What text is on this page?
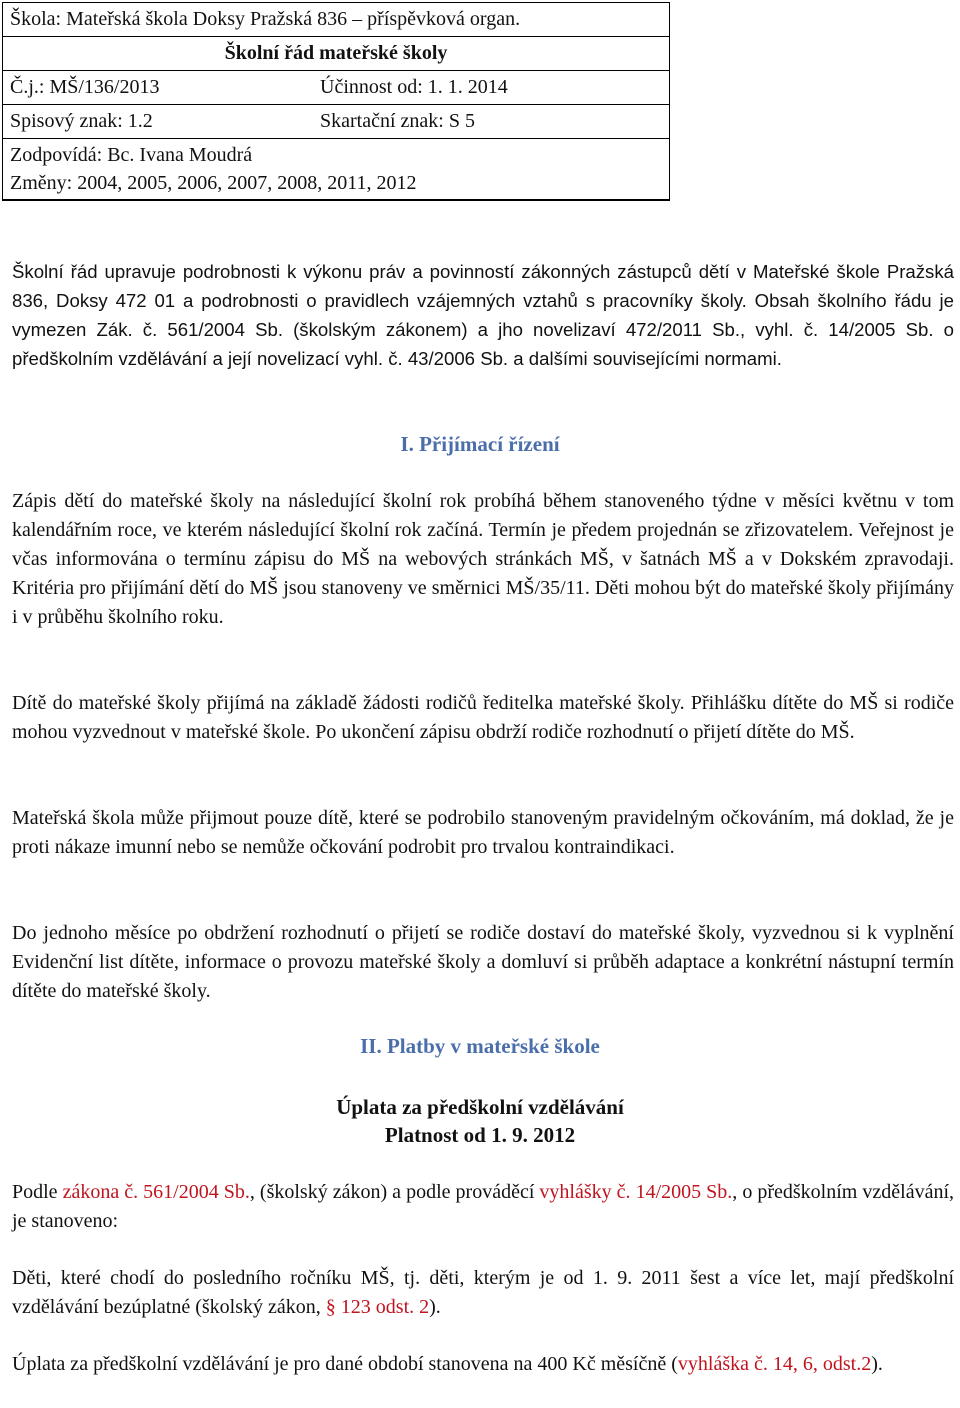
Škola: Mateřská škola Doksy Pražská 836 – příspěvková organ.
Školní řád mateřské školy
Č.j.: MŠ/136/2013	Účinnost od: 1. 1. 2014
Spisový znak: 1.2	Skartační znak: S 5
Zodpovídá: Bc. Ivana Moudrá
Změny: 2004, 2005, 2006, 2007, 2008, 2011, 2012
Školní řád upravuje podrobnosti k výkonu práv a povinností zákonných zástupců dětí v Mateřské škole Pražská 836, Doksy 472 01 a podrobnosti o pravidlech vzájemných vztahů s pracovníky školy. Obsah školního řádu je vymezen Zák. č. 561/2004 Sb. (školským zákonem) a jho novelizaví 472/2011 Sb., vyhl. č. 14/2005 Sb. o předškolním vzdělávání a její novelizací vyhl. č. 43/2006 Sb. a dalšími souvisejícími normami.
I. Přijímací řízení
Zápis dětí do mateřské školy na následující školní rok probíhá během stanoveného týdne v měsíci květnu v tom kalendářním roce, ve kterém následující školní rok začíná. Termín je předem projednán se zřizovatelem. Veřejnost je včas informována o termínu zápisu do MŠ na webových stránkách MŠ, v šatnách MŠ a v Dokském zpravodaji. Kritéria pro přijímání dětí do MŠ jsou stanoveny ve směrnici MŠ/35/11. Děti mohou být do mateřské školy přijímány i v průběhu školního roku.
Dítě do mateřské školy přijímá na základě žádosti rodičů ředitelka mateřské školy. Přihlášku dítěte do MŠ si rodiče mohou vyzvednout v mateřské škole. Po ukončení zápisu obdrží rodiče rozhodnutí o přijetí dítěte do MŠ.
Mateřská škola může přijmout pouze dítě, které se podrobilo stanoveným pravidelným očkováním, má doklad, že je proti nákaze imunní nebo se nemůže očkování podrobit pro trvalou kontraindikaci.
Do jednoho měsíce po obdržení rozhodnutí o přijetí se rodiče dostaví do mateřské školy, vyzvednou si k vyplnění Evidenční list dítěte, informace o provozu mateřské školy a domluví si průběh adaptace a konkrétní nástupní termín dítěte do mateřské školy.
II. Platby v mateřské škole
Úplata za předškolní vzdělávání
Platnost od 1. 9. 2012
Podle zákona č. 561/2004 Sb., (školský zákon) a podle prováděcí vyhlášky č. 14/2005 Sb., o předškolním vzdělávání, je stanoveno:
Děti, které chodí do posledního ročníku MŠ, tj. děti, kterým je od 1. 9. 2011 šest a více let, mají předškolní vzdělávání bezúplatné (školský zákon, § 123 odst. 2).
Úplata za předškolní vzdělávání je pro dané období stanovena na 400 Kč měsíčně (vyhláška č. 14, 6, odst.2).
